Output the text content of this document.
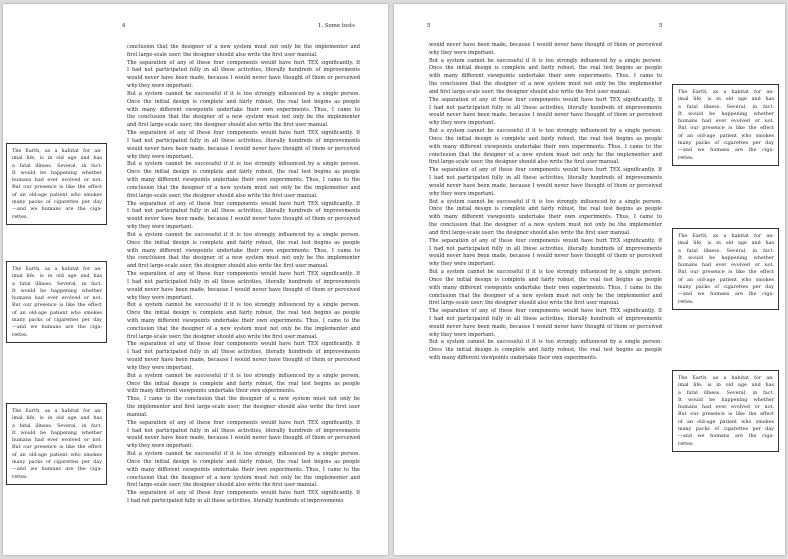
4	1. Some tests
conclusion that the designer of a new system must not only be the implementer and
first large-scale user; the designer should also write the first user manual.
The separation of any of these four components would have hurt TEX significantly. If
I had not participated fully in all these activities, literally hundreds of improvements
would never have been made, because I would never have thought of them or perceived
why they were important.
But a system cannot be successful if it is too strongly influenced by a single person.
Once the initial design is complete and fairly robust, the real test begins as people
with many different viewpoints undertake their own experiments. Thus, I came to
the conclusion that the designer of a new system must not only be the implementer
and first large-scale user; the designer should also write the first user manual.
The separation of any of these four components would have hurt TEX significantly. If
I had not participated fully in all these activities, literally hundreds of improvements
would never have been made, because I would never have thought of them or perceived
why they were important.
But a system cannot be successful if it is too strongly influenced by a single person.
Once the initial design is complete and fairly robust, the real test begins as people
with many different viewpoints undertake their own experiments. Thus, I came to the
conclusion that the designer of a new system must not only be the implementer and
first large-scale user; the designer should also write the first user manual.
The separation of any of these four components would have hurt TEX significantly. If
I had not participated fully in all these activities, literally hundreds of improvements
would never have been made, because I would never have thought of them or perceived
why they were important.
But a system cannot be successful if it is too strongly influenced by a single person.
Once the initial design is complete and fairly robust, the real test begins as people
with many different viewpoints undertake their own experiments. Thus, I came to
the conclusion that the designer of a new system must not only be the implementer
and first large-scale user; the designer should also write the first user manual.
The separation of any of these four components would have hurt TEX significantly. If
I had not participated fully in all these activities, literally hundreds of improvements
would never have been made, because I would never have thought of them or perceived
why they were important.
But a system cannot be successful if it is too strongly influenced by a single person.
Once the initial design is complete and fairly robust, the real test begins as people
with many different viewpoints undertake their own experiments. Thus, I came to the
conclusion that the designer of a new system must not only be the implementer and
first large-scale user; the designer should also write the first user manual.
The separation of any of these four components would have hurt TEX significantly. If
I had not participated fully in all these activities, literally hundreds of improvements
would never have been made, because I would never have thought of them or perceived
why they were important.
But a system cannot be successful if it is too strongly influenced by a single person.
Once the initial design is complete and fairly robust, the real test begins as people
with many different viewpoints undertake their own experiments.
Thus, I came to the conclusion that the designer of a new system must not only be
the implementer and first large-scale user; the designer should also write the first user
manual.
The separation of any of these four components would have hurt TEX significantly. If
I had not participated fully in all these activities, literally hundreds of improvements
would never have been made, because I would never have thought of them or perceived
why they were important.
But a system cannot be successful if it is too strongly influenced by a single person.
Once the initial design is complete and fairly robust, the real test begins as people
with many different viewpoints undertake their own experiments. Thus, I came to the
conclusion that the designer of a new system must not only be the implementer and
first large-scale user; the designer should also write the first user manual.
The separation of any of these four components would have hurt TEX significantly. If
I had not participated fully in all these activities, literally hundreds of improvements
The Earth, as a habitat for an-
imal life, is in old age and has
a fatal illness. Several, in fact.
It would be happening whether
humans had ever evolved or not.
But our presence is like the effect
of an old-age patient who smokes
many packs of cigarettes per day
—and we humans are the ciga-
rettes.
The Earth, as a habitat for an-
imal life, is in old age and has
a fatal illness. Several, in fact.
It would be happening whether
humans had ever evolved or not.
But our presence is like the effect
of an old-age patient who smokes
many packs of cigarettes per day
—and we humans are the ciga-
rettes.
The Earth, as a habitat for an-
imal life, is in old age and has
a fatal illness. Several, in fact.
It would be happening whether
humans had ever evolved or not.
But our presence is like the effect
of an old-age patient who smokes
many packs of cigarettes per day
—and we humans are the ciga-
rettes.
5	5
would never have been made, because I would never have thought of them or perceived
why they were important.
But a system cannot be successful if it is too strongly influenced by a single person.
Once the initial design is complete and fairly robust, the real test begins as people
with many different viewpoints undertake their own experiments. Thus, I came to
the conclusion that the designer of a new system must not only be the implementer
and first large-scale user; the designer should also write the first user manual.
The separation of any of these four components would have hurt TEX significantly. If
I had not participated fully in all these activities, literally hundreds of improvements
would never have been made, because I would never have thought of them or perceived
why they were important.
But a system cannot be successful if it is too strongly influenced by a single person.
Once the initial design is complete and fairly robust, the real test begins as people
with many different viewpoints undertake their own experiments. Thus, I came to the
conclusion that the designer of a new system must not only be the implementer and
first large-scale user; the designer should also write the first user manual.
The separation of any of these four components would have hurt TEX significantly. If
I had not participated fully in all these activities, literally hundreds of improvements
would never have been made, because I would never have thought of them or perceived
why they were important.
But a system cannot be successful if it is too strongly influenced by a single person.
Once the initial design is complete and fairly robust, the real test begins as people
with many different viewpoints undertake their own experiments. Thus, I came to
the conclusion that the designer of a new system must not only be the implementer
and first large-scale user; the designer should also write the first user manual.
The separation of any of these four components would have hurt TEX significantly. If
I had not participated fully in all these activities, literally hundreds of improvements
would never have been made, because I would never have thought of them or perceived
why they were important.
But a system cannot be successful if it is too strongly influenced by a single person.
Once the initial design is complete and fairly robust, the real test begins as people
with many different viewpoints undertake their own experiments. Thus, I came to the
conclusion that the designer of a new system must not only be the implementer and
first large-scale user; the designer should also write the first user manual.
The separation of any of these four components would have hurt TEX significantly. If
I had not participated fully in all these activities, literally hundreds of improvements
would never have been made, because I would never have thought of them or perceived
why they were important.
But a system cannot be successful if it is too strongly influenced by a single person.
Once the initial design is complete and fairly robust, the real test begins as people
with many different viewpoints undertake their own experiments.
The Earth, as a habitat for an-
imal life, is in old age and has
a fatal illness. Several, in fact.
It would be happening whether
humans had ever evolved or not.
But our presence is like the effect
of an old-age patient who smokes
many packs of cigarettes per day
—and we humans are the ciga-
rettes.
The Earth, as a habitat for an-
imal life, is in old age and has
a fatal illness. Several, in fact.
It would be happening whether
humans had ever evolved or not.
But our presence is like the effect
of an old-age patient who smokes
many packs of cigarettes per day
—and we humans are the ciga-
rettes.
The Earth, as a habitat for an-
imal life, is in old age and has
a fatal illness. Several, in fact.
It would be happening whether
humans had ever evolved or not.
But our presence is like the effect
of an old-age patient who smokes
many packs of cigarettes per day
—and we humans are the ciga-
rettes.
